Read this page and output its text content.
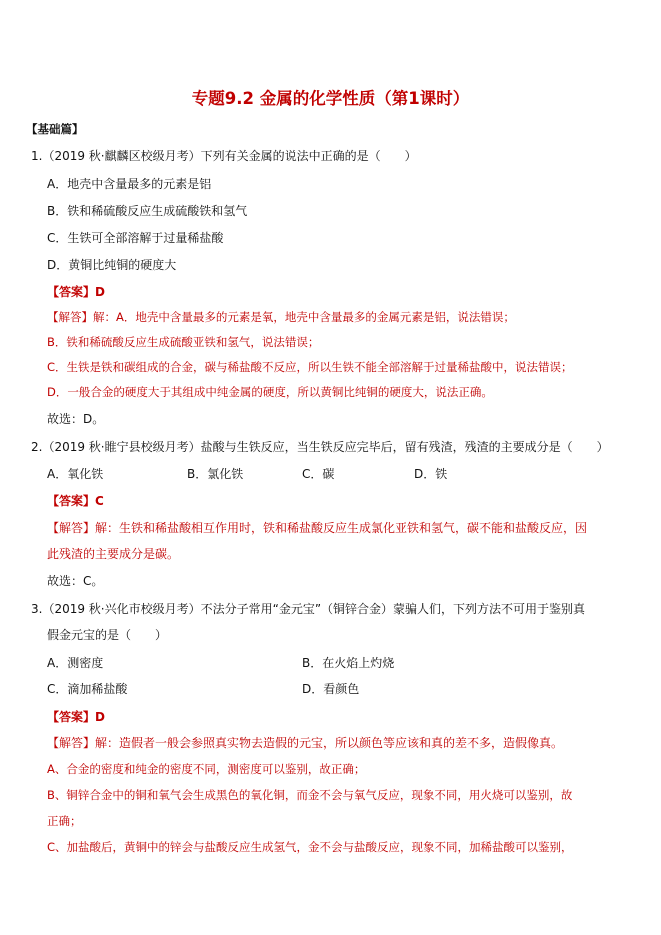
专题9.2 金属的化学性质（第1课时）
【基础篇】
1.（2019 秋·麒麟区校级月考）下列有关金属的说法中正确的是（　　）
A．地壳中含量最多的元素是铝
B．铁和稀硫酸反应生成硫酸铁和氢气
C．生铁可全部溶解于过量稀盐酸
D．黄铜比纯铜的硬度大
【答案】D
【解答】解：A．地壳中含量最多的元素是氧，地壳中含量最多的金属元素是铝，说法错误；
B．铁和稀硫酸反应生成硫酸亚铁和氢气，说法错误；
C．生铁是铁和碳组成的合金，碳与稀盐酸不反应，所以生铁不能全部溶解于过量稀盐酸中，说法错误；
D．一般合金的硬度大于其组成中纯金属的硬度，所以黄铜比纯铜的硬度大，说法正确。
故选：D。
2.（2019 秋·睢宁县校级月考）盐酸与生铁反应，当生铁反应完毕后，留有残渣，残渣的主要成分是（　　）
A．氧化铁	B．氯化铁	C．碳	D．铁
【答案】C
【解答】解：生铁和稀盐酸相互作用时，铁和稀盐酸反应生成氯化亚铁和氢气，碳不能和盐酸反应，因
此残渣的主要成分是碳。
故选：C。
3.（2019 秋·兴化市校级月考）不法分子常用“金元宝”（铜锌合金）蒙骗人们，下列方法不可用于鉴别真
假金元宝的是（　　）
A．测密度	B．在火焰上灼烧
C．滴加稀盐酸	D．看颜色
【答案】D
【解答】解：造假者一般会参照真实物去造假的元宝，所以颜色等应该和真的差不多，造假像真。
A、合金的密度和纯金的密度不同，测密度可以鉴别，故正确；
B、铜锌合金中的铜和氧气会生成黑色的氧化铜，而金不会与氧气反应，现象不同，用火烧可以鉴别，故
正确；
C、加盐酸后，黄铜中的锌会与盐酸反应生成氢气，金不会与盐酸反应，现象不同，加稀盐酸可以鉴别，
